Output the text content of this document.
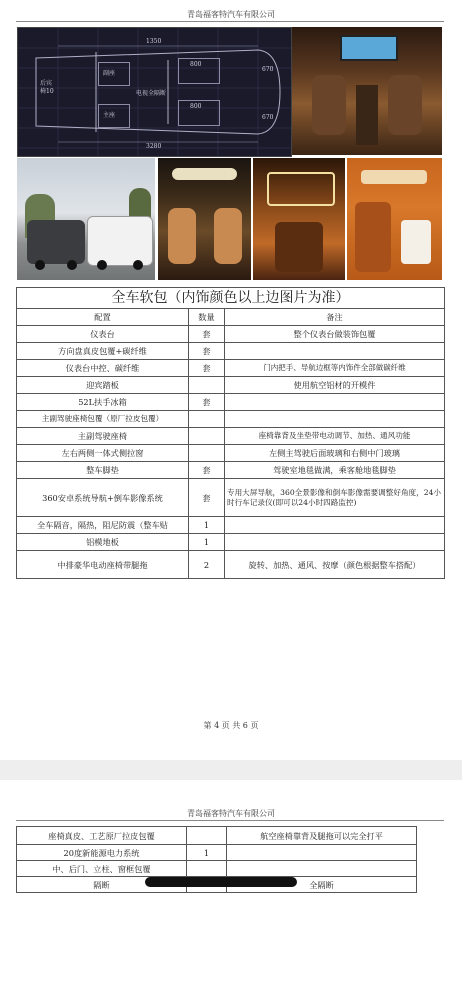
青岛福客特汽车有限公司
1350
3280
后宾椅10
副座
主座
电视全隔断
800
800
670
670
全车软包（内饰颜色以上边图片为准）		
配置	数量	备注
仪表台	套	整个仪表台做装饰包覆
方向盘真皮包覆+碳纤维	套	
仪表台中控、碳纤维	套	门内把手、导航边框等内饰件全部做碳纤维
迎宾踏板		使用航空铝材的开模件
52L扶手冰箱	套	
主副驾驶座椅包覆（原厂拉皮包覆）		
主副驾驶座椅		座椅靠背及坐垫带电动调节、加热、通风功能
左右两侧一体式侧拉窗		左侧主驾驶后面玻璃和右侧中门玻璃
整车脚垫	套	驾驶室地毯做满，乘客舱地毯脚垫
360安卓系统导航+倒车影像系统	套	专用大屏导航，360全景影像和倒车影像需要调整好角度，24小时行车记录仪(即可以24小时四路监控)
全车隔音，隔热，阻尼防震（整车贴	1	
铝模地板	1	
中排豪华电动座椅带腿拖	2	旋转、加热、通风、按摩（颜色根据整车搭配）
第 4 页 共 6 页
青岛福客特汽车有限公司
座椅真皮、工艺原厂拉皮包覆		航空座椅靠背及腿拖可以完全打平
20度新能源电力系统	1	
中、后门、立柱、窗框包覆		
隔断		全隔断
